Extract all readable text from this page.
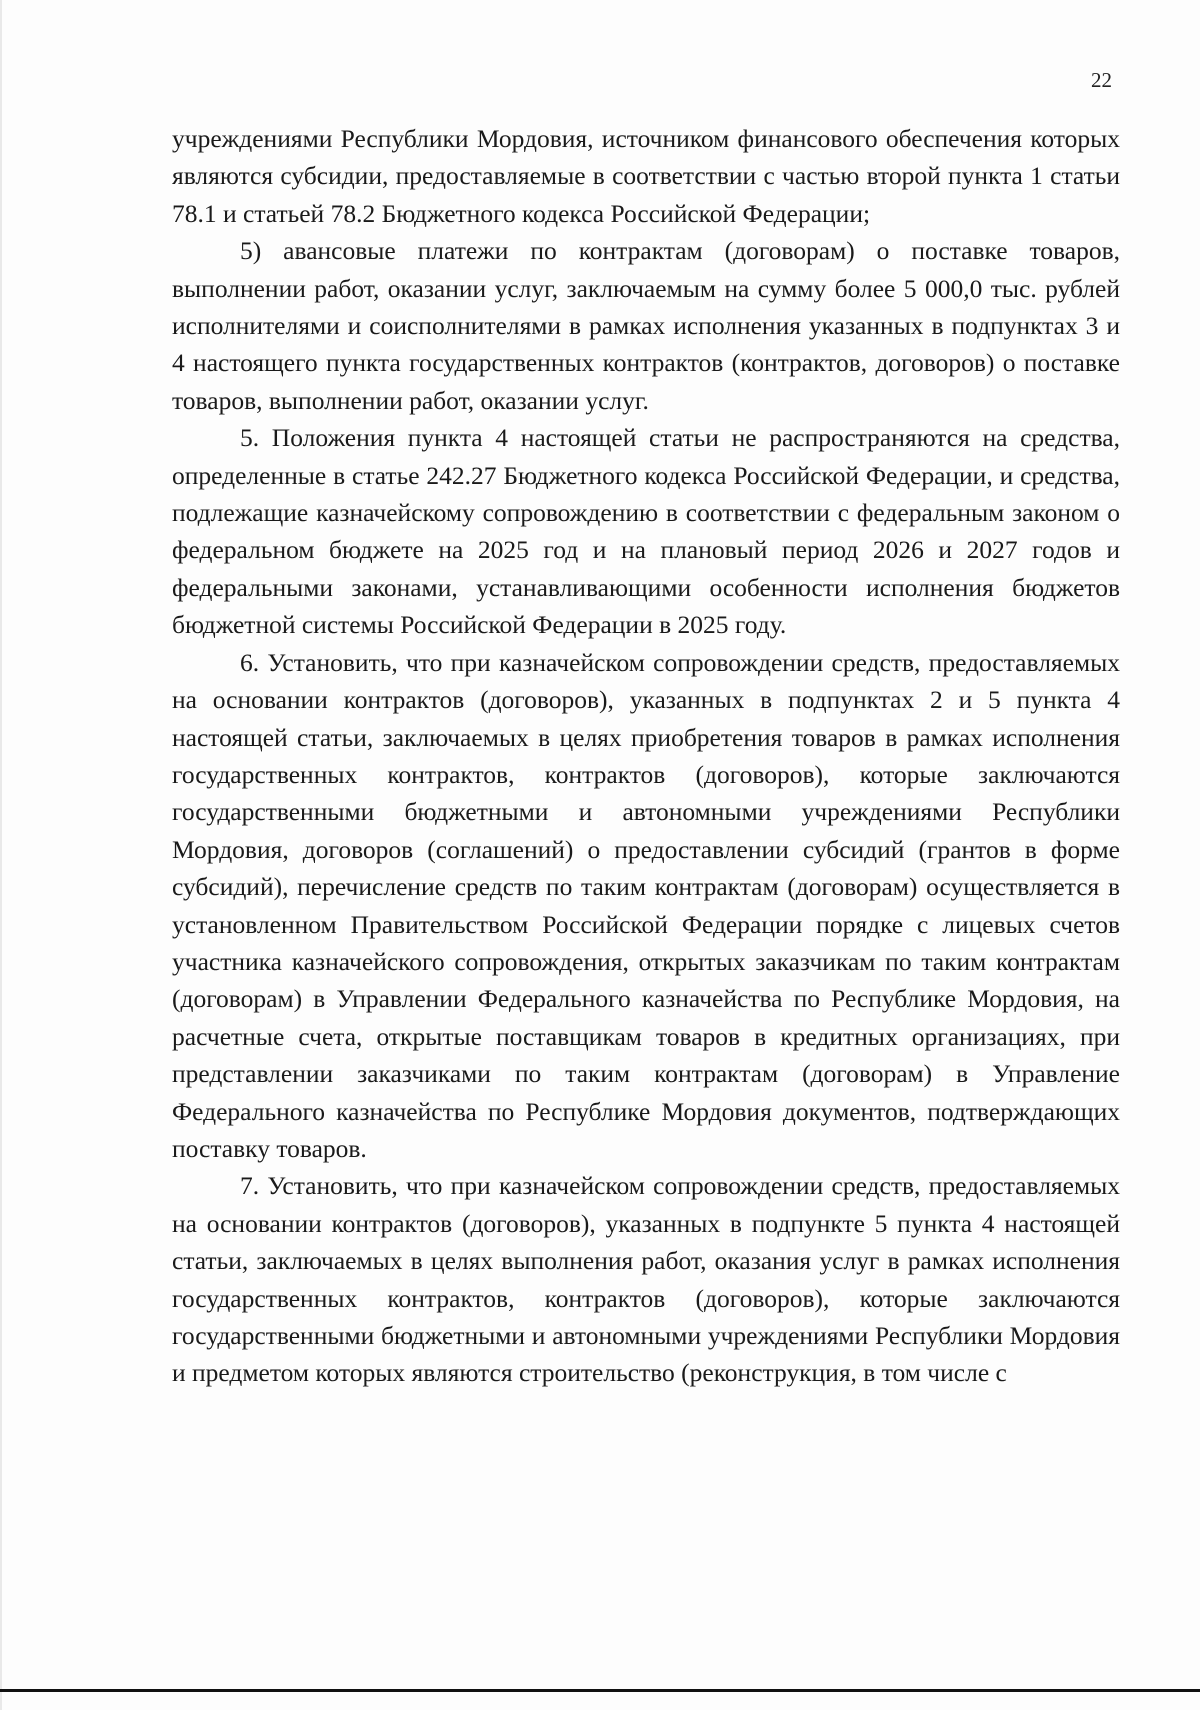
22

учреждениями Республики Мордовия, источником финансового обеспечения которых являются субсидии, предоставляемые в соответствии с частью второй пункта 1 статьи 78.1 и статьей 78.2 Бюджетного кодекса Российской Федерации;

5) авансовые платежи по контрактам (договорам) о поставке товаров, выполнении работ, оказании услуг, заключаемым на сумму более 5 000,0 тыс. рублей исполнителями и соисполнителями в рамках исполнения указанных в подпунктах 3 и 4 настоящего пункта государственных контрактов (контрактов, договоров) о поставке товаров, выполнении работ, оказании услуг.

5. Положения пункта 4 настоящей статьи не распространяются на средства, определенные в статье 242.27 Бюджетного кодекса Российской Федерации, и средства, подлежащие казначейскому сопровождению в соответствии с федеральным законом о федеральном бюджете на 2025 год и на плановый период 2026 и 2027 годов и федеральными законами, устанавливающими особенности исполнения бюджетов бюджетной системы Российской Федерации в 2025 году.

6. Установить, что при казначейском сопровождении средств, предоставляемых на основании контрактов (договоров), указанных в подпунктах 2 и 5 пункта 4 настоящей статьи, заключаемых в целях приобретения товаров в рамках исполнения государственных контрактов, контрактов (договоров), которые заключаются государственными бюджетными и автономными учреждениями Республики Мордовия, договоров (соглашений) о предоставлении субсидий (грантов в форме субсидий), перечисление средств по таким контрактам (договорам) осуществляется в установленном Правительством Российской Федерации порядке с лицевых счетов участника казначейского сопровождения, открытых заказчикам по таким контрактам (договорам) в Управлении Федерального казначейства по Республике Мордовия, на расчетные счета, открытые поставщикам товаров в кредитных организациях, при представлении заказчиками по таким контрактам (договорам) в Управление Федерального казначейства по Республике Мордовия документов, подтверждающих поставку товаров.

7. Установить, что при казначейском сопровождении средств, предоставляемых на основании контрактов (договоров), указанных в подпункте 5 пункта 4 настоящей статьи, заключаемых в целях выполнения работ, оказания услуг в рамках исполнения государственных контрактов, контрактов (договоров), которые заключаются государственными бюджетными и автономными учреждениями Республики Мордовия и предметом которых являются строительство (реконструкция, в том числе с
